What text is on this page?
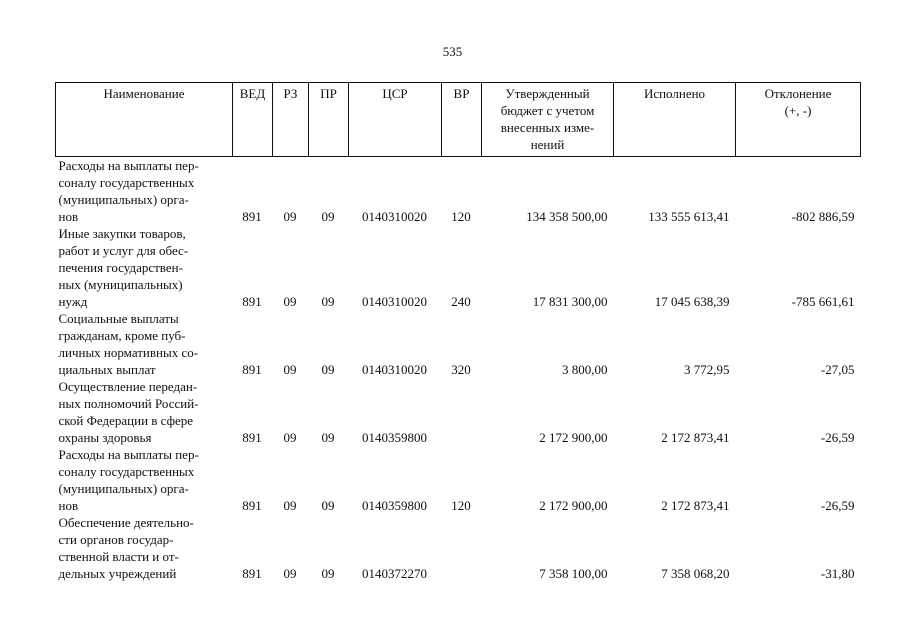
535
Наименование	ВЕД	РЗ	ПР	ЦСР	ВР	Утвержденный
бюджет с учетом
внесенных изме-
нений	Исполнено	Отклонение
(+, -)

Расходы на выплаты пер-
соналу государственных
(муниципальных) орга-
нов	891	09	09	0140310020	120	134 358 500,00	133 555 613,41	-802 886,59

Иные закупки товаров,
работ и услуг для обес-
печения государствен-
ных (муниципальных)
нужд	891	09	09	0140310020	240	17 831 300,00	17 045 638,39	-785 661,61

Социальные выплаты
гражданам, кроме пуб-
личных нормативных со-
циальных выплат	891	09	09	0140310020	320	3 800,00	3 772,95	-27,05

Осуществление передан-
ных полномочий Россий-
ской Федерации в сфере
охраны здоровья	891	09	09	0140359800		2 172 900,00	2 172 873,41	-26,59

Расходы на выплаты пер-
соналу государственных
(муниципальных) орга-
нов	891	09	09	0140359800	120	2 172 900,00	2 172 873,41	-26,59

Обеспечение деятельно-
сти органов государ-
ственной власти и от-
дельных учреждений	891	09	09	0140372270		7 358 100,00	7 358 068,20	-31,80
